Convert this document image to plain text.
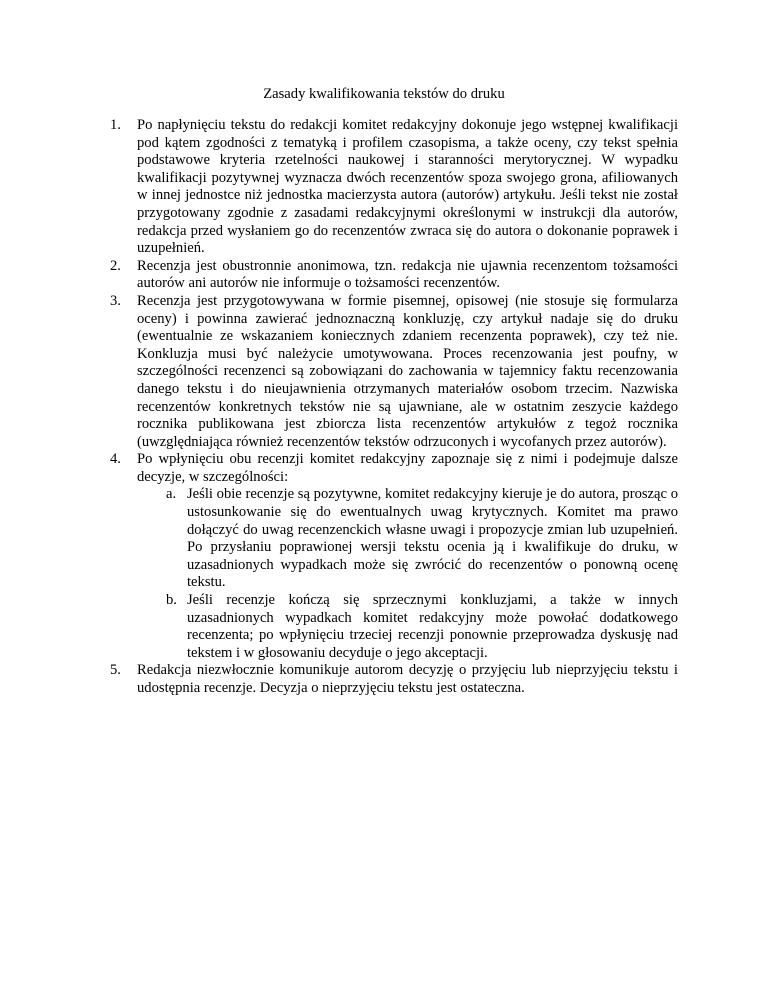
Zasady kwalifikowania tekstów do druku
1. Po napłynięciu tekstu do redakcji komitet redakcyjny dokonuje jego wstępnej kwalifikacji pod kątem zgodności z tematyką i profilem czasopisma, a także oceny, czy tekst spełnia podstawowe kryteria rzetelności naukowej i staranności merytorycznej. W wypadku kwalifikacji pozytywnej wyznacza dwóch recenzentów spoza swojego grona, afiliowanych w innej jednostce niż jednostka macierzysta autora (autorów) artykułu. Jeśli tekst nie został przygotowany zgodnie z zasadami redakcyjnymi określonymi w instrukcji dla autorów, redakcja przed wysłaniem go do recenzentów zwraca się do autora o dokonanie poprawek i uzupełnień.
2. Recenzja jest obustronnie anonimowa, tzn. redakcja nie ujawnia recenzentom tożsamości autorów ani autorów nie informuje o tożsamości recenzentów.
3. Recenzja jest przygotowywana w formie pisemnej, opisowej (nie stosuje się formularza oceny) i powinna zawierać jednoznaczną konkluzję, czy artykuł nadaje się do druku (ewentualnie ze wskazaniem koniecznych zdaniem recenzenta poprawek), czy też nie. Konkluzja musi być należycie umotywowana. Proces recenzowania jest poufny, w szczególności recenzenci są zobowiązani do zachowania w tajemnicy faktu recenzowania danego tekstu i do nieujawnienia otrzymanych materiałów osobom trzecim. Nazwiska recenzentów konkretnych tekstów nie są ujawniane, ale w ostatnim zeszycie każdego rocznika publikowana jest zbiorcza lista recenzentów artykułów z tegoż rocznika (uwzględniająca również recenzentów tekstów odrzuconych i wycofanych przez autorów).
4. Po wpłynięciu obu recenzji komitet redakcyjny zapoznaje się z nimi i podejmuje dalsze decyzje, w szczególności:
a. Jeśli obie recenzje są pozytywne, komitet redakcyjny kieruje je do autora, prosząc o ustosunkowanie się do ewentualnych uwag krytycznych. Komitet ma prawo dołączyć do uwag recenzenckich własne uwagi i propozycje zmian lub uzupełnień. Po przysłaniu poprawionej wersji tekstu ocenia ją i kwalifikuje do druku, w uzasadnionych wypadkach może się zwrócić do recenzentów o ponowną ocenę tekstu.
b. Jeśli recenzje kończą się sprzecznymi konkluzjami, a także w innych uzasadnionych wypadkach komitet redakcyjny może powołać dodatkowego recenzenta; po wpłynięciu trzeciej recenzji ponownie przeprowadza dyskusję nad tekstem i w głosowaniu decyduje o jego akceptacji.
5. Redakcja niezwłocznie komunikuje autorom decyzję o przyjęciu lub nieprzyjęciu tekstu i udostępnia recenzje. Decyzja o nieprzyjęciu tekstu jest ostateczna.
